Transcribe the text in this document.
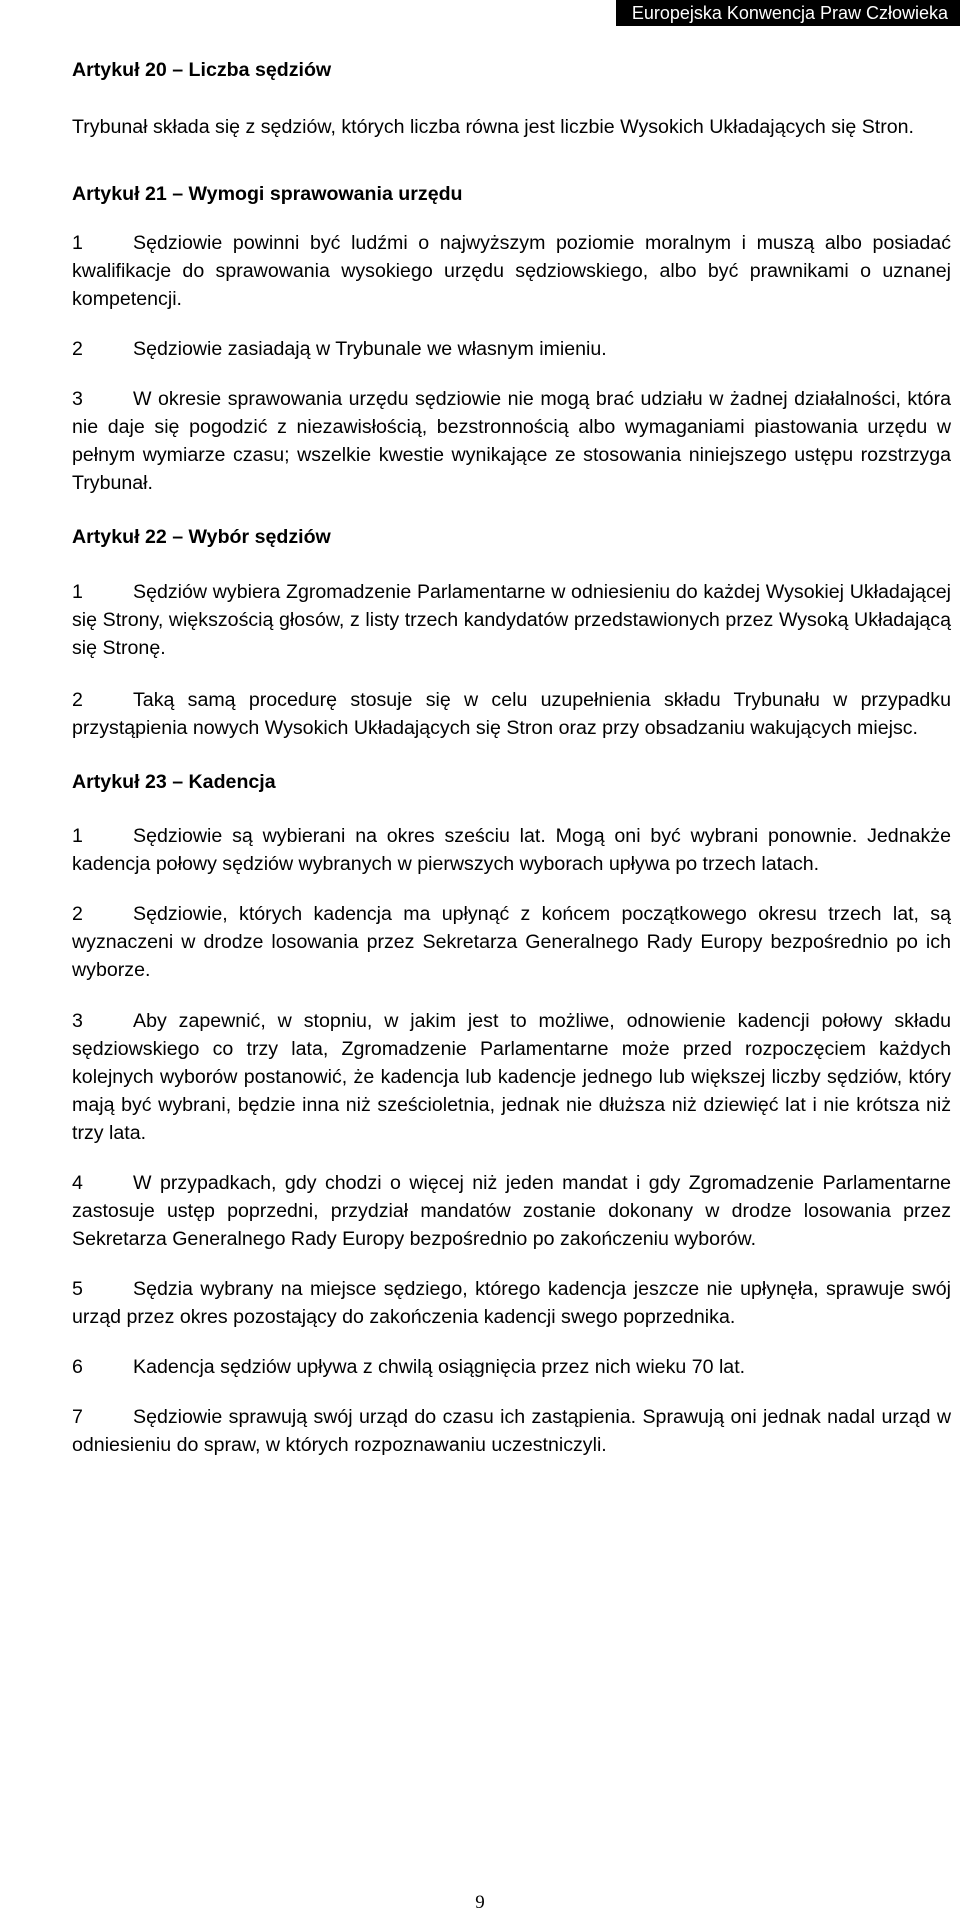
Europejska Konwencja Praw Człowieka

Artykuł 20 – Liczba sędziów

Trybunał składa się z sędziów, których liczba równa jest liczbie Wysokich Układających się Stron.

Artykuł 21 – Wymogi sprawowania urzędu

1	Sędziowie powinni być ludźmi o najwyższym poziomie moralnym i muszą albo posiadać kwalifikacje do sprawowania wysokiego urzędu sędziowskiego, albo być prawnikami o uznanej kompetencji.

2	Sędziowie zasiadają w Trybunale we własnym imieniu.

3	W okresie sprawowania urzędu sędziowie nie mogą brać udziału w żadnej działalności, która nie daje się pogodzić z niezawisłością, bezstronnością albo wymaganiami piastowania urzędu w pełnym wymiarze czasu; wszelkie kwestie wynikające ze stosowania niniejszego ustępu rozstrzyga Trybunał.

Artykuł 22 – Wybór sędziów

1	Sędziów wybiera Zgromadzenie Parlamentarne w odniesieniu do każdej Wysokiej Układającej się Strony, większością głosów, z listy trzech kandydatów przedstawionych przez Wysoką Układającą się Stronę.

2	Taką samą procedurę stosuje się w celu uzupełnienia składu Trybunału w przypadku przystąpienia nowych Wysokich Układających się Stron oraz przy obsadzaniu wakujących miejsc.

Artykuł 23 – Kadencja

1	Sędziowie są wybierani na okres sześciu lat. Mogą oni być wybrani ponownie. Jednakże kadencja połowy sędziów wybranych w pierwszych wyborach upływa po trzech latach.

2	Sędziowie, których kadencja ma upłynąć z końcem początkowego okresu trzech lat, są wyznaczeni w drodze losowania przez Sekretarza Generalnego Rady Europy bezpośrednio po ich wyborze.

3	Aby zapewnić, w stopniu, w jakim jest to możliwe, odnowienie kadencji połowy składu sędziowskiego co trzy lata, Zgromadzenie Parlamentarne może przed rozpoczęciem każdych kolejnych wyborów postanowić, że kadencja lub kadencje jednego lub większej liczby sędziów, który mają być wybrani, będzie inna niż sześcioletnia, jednak nie dłuższa niż dziewięć lat i nie krótsza niż trzy lata.

4	W przypadkach, gdy chodzi o więcej niż jeden mandat i gdy Zgromadzenie Parlamentarne zastosuje ustęp poprzedni, przydział mandatów zostanie dokonany w drodze losowania przez Sekretarza Generalnego Rady Europy bezpośrednio po zakończeniu wyborów.

5	Sędzia wybrany na miejsce sędziego, którego kadencja jeszcze nie upłynęła, sprawuje swój urząd przez okres pozostający do zakończenia kadencji swego poprzednika.

6	Kadencja sędziów upływa z chwilą osiągnięcia przez nich wieku 70 lat.

7	Sędziowie sprawują swój urząd do czasu ich zastąpienia. Sprawują oni jednak nadal urząd w odniesieniu do spraw, w których rozpoznawaniu uczestniczyli.

9
